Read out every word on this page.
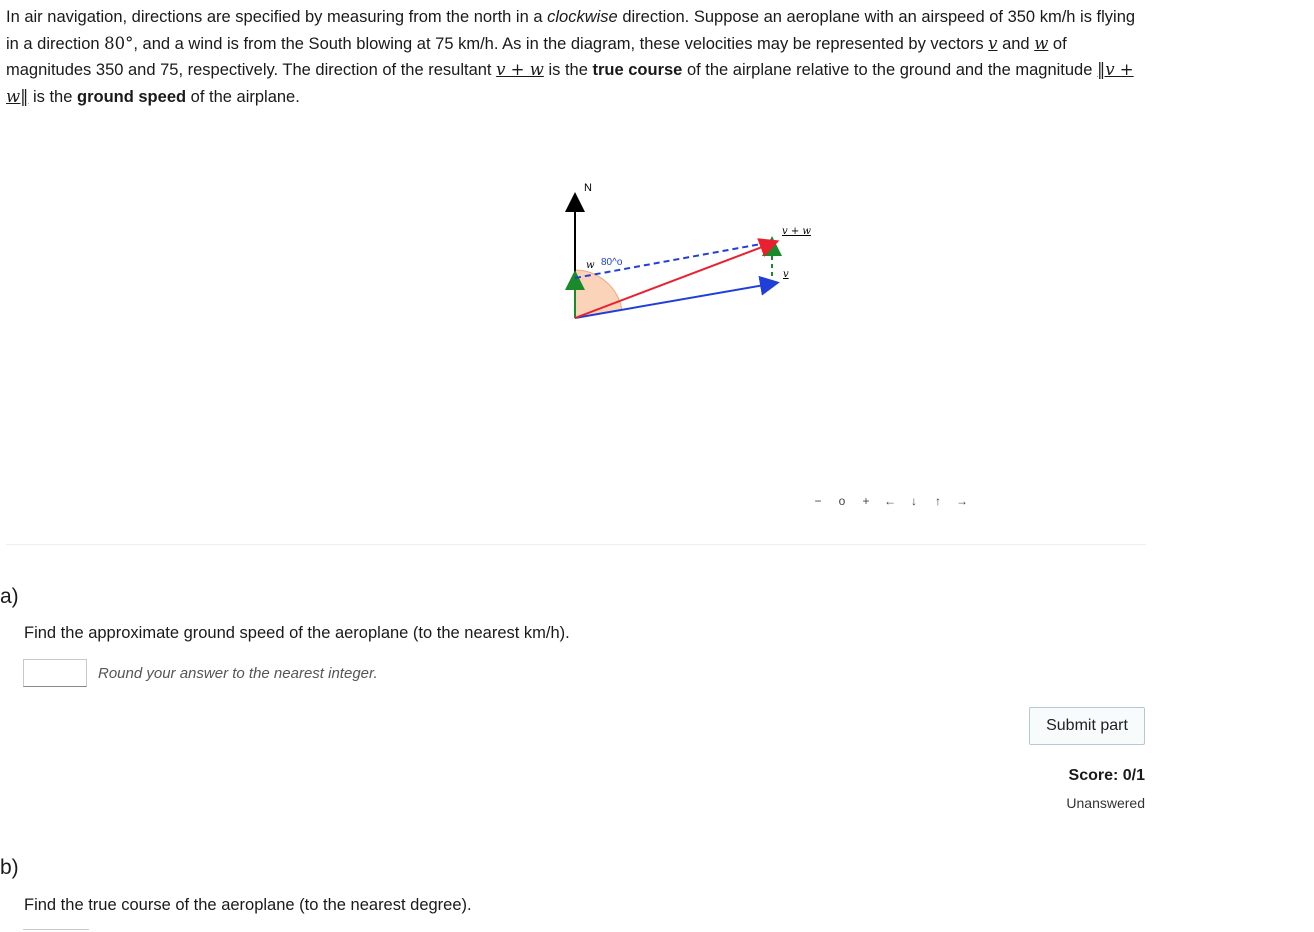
In air navigation, directions are specified by measuring from the north in a clockwise direction. Suppose an aeroplane with an airspeed of 350 km/h is flying in a direction 80°, and a wind is from the South blowing at 75 km/h. As in the diagram, these velocities may be represented by vectors v and w of magnitudes 350 and 75, respectively. The direction of the resultant v + w is the true course of the airplane relative to the ground and the magnitude ‖v + w‖ is the ground speed of the airplane.
N
w 80^o
v
v + w
−	o	+	←	↓	↑	→
a)
Find the approximate ground speed of the aeroplane (to the nearest km/h).
Round your answer to the nearest integer.
Submit part
Score: 0/1
Unanswered
b)
Find the true course of the aeroplane (to the nearest degree).
